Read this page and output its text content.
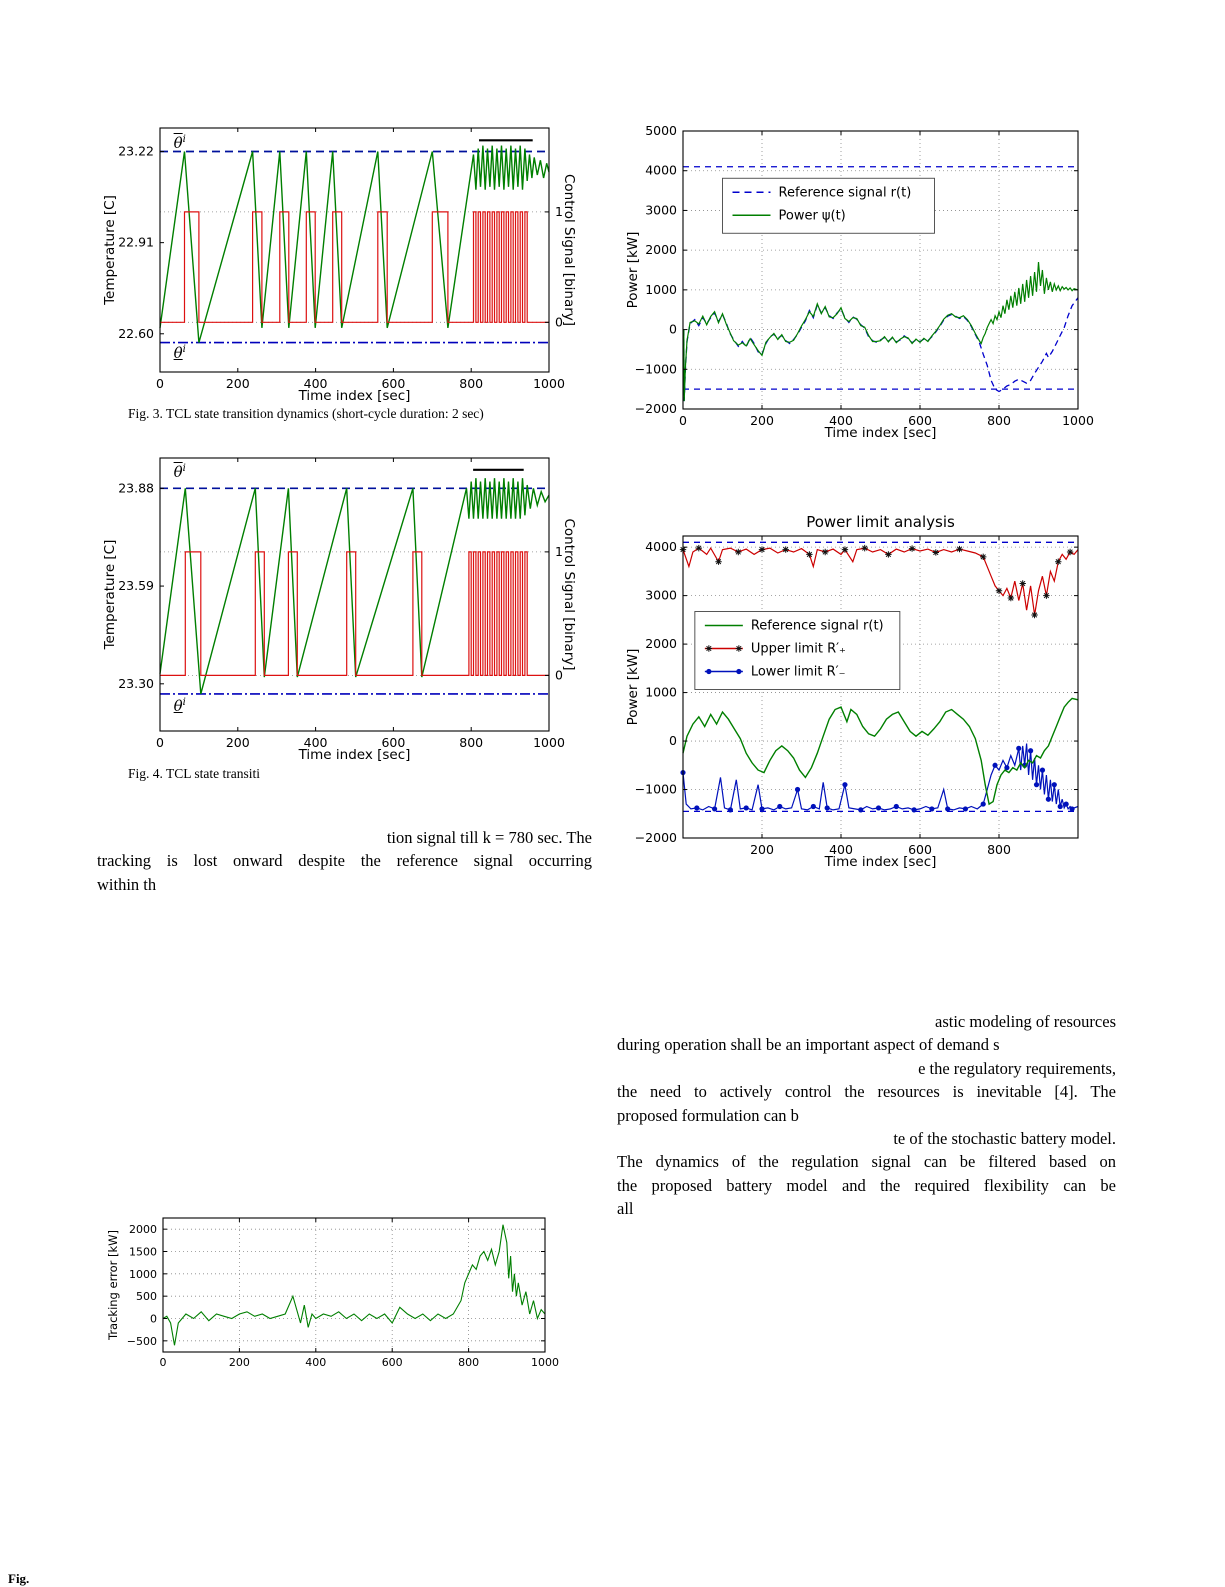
0	200	400	600	800	1000
22.60
22.91
23.22
0
1
Time index [sec]
Temperature [C]	Control Signal [binary]
$\overline{\theta}^i$
$\theta^i$
Fig. 3. TCL state transition dynamics (short-cycle duration: 2 sec)	0	200	400	600	800	1000
−2000
−1000
0
1000
2000
3000
4000
5000
Time index [sec]
Power [kW]
Reference signal r(t)
Power ψ(t)
0	200	400	600	800	1000
23.30
23.59
23.88
0
1
Time index [sec]
Temperature [C]	Control Signal [binary]
$\overline{\theta}^i$
$\theta^i$
Fig. 4. TCL state transiti
200	400	600	800
−2000
−1000
0
1000
2000
3000
4000
Time index [sec]
Power [kW]
Power limit analysis
Reference signal r(t)
Upper limit R′₊
Lower limit R′₋
tion signal till k = 780 sec. The
tracking is lost onward despite the reference signal occurring
within th
astic modeling of resources
during operation shall be an important aspect of demand s
e the regulatory requirements,
the need to actively control the resources is inevitable [4]. The
proposed formulation can b
te of the stochastic battery model.
The dynamics of the regulation signal can be filtered based on
the proposed battery model and the required flexibility can be
all
0	200	400	600	800	1000
−500
0
500
1000
1500
2000
Tracking error [kW]
Fig.
